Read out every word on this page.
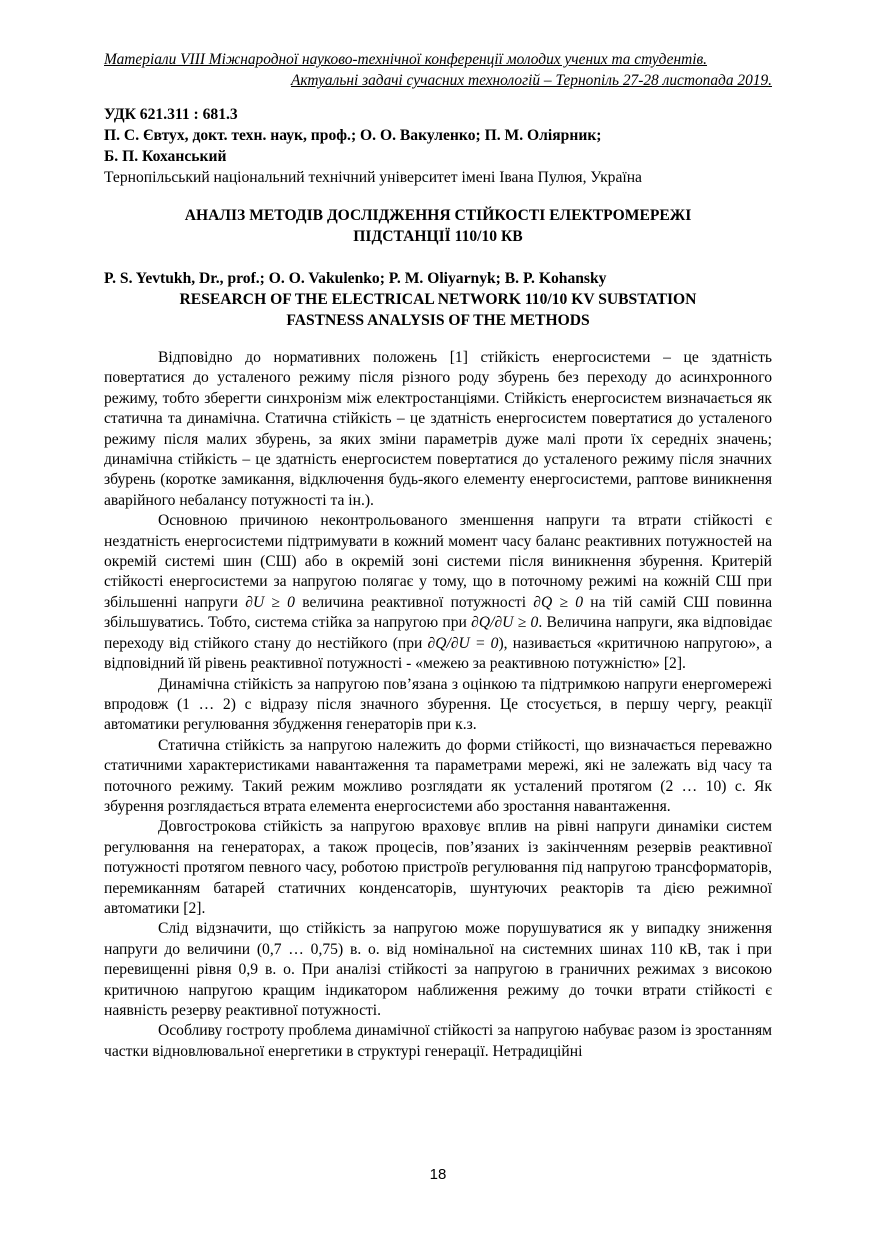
Матеріали VIII Міжнародної науково-технічної конференції молодих учених та студентів.
Актуальні задачі сучасних технологій – Тернопіль 27-28 листопада 2019.
УДК 621.311 : 681.3
П. С. Євтух, докт. техн. наук, проф.; О. О. Вакуленко; П. М. Оліярник;
Б. П. Коханський
Тернопільський національний технічний університет імені Івана Пулюя, Україна
АНАЛІЗ МЕТОДІВ ДОСЛІДЖЕННЯ СТІЙКОСТІ ЕЛЕКТРОМЕРЕЖІ
ПІДСТАНЦІЇ 110/10 КВ
P. S. Yevtukh, Dr., prof.; O. O. Vakulenko; P. M. Oliyarnyk; B. P. Kohansky
RESEARCH OF THE ELECTRICAL NETWORK 110/10 KV SUBSTATION
FASTNESS ANALYSIS OF THE METHODS

Відповідно до нормативних положень [1] стійкість енергосистеми – це здатність повертатися до усталеного режиму після різного роду збурень без переходу до асинхронного режиму, тобто зберегти синхронізм між електростанціями. Стійкість енергосистем визначається як статична та динамічна. Статична стійкість – це здатність енергосистем повертатися до усталеного режиму після малих збурень, за яких зміни параметрів дуже малі проти їх середніх значень; динамічна стійкість – це здатність енергосистем повертатися до усталеного режиму після значних збурень (коротке замикання, відключення будь-якого елементу енергосистеми, раптове виникнення аварійного небалансу потужності та ін.).

Основною причиною неконтрольованого зменшення напруги та втрати стійкості є нездатність енергосистеми підтримувати в кожний момент часу баланс реактивних потужностей на окремій системі шин (СШ) або в окремій зоні системи після виникнення збурення. Критерій стійкості енергосистеми за напругою полягає у тому, що в поточному режимі на кожній СШ при збільшенні напруги ∂U ≥ 0 величина реактивної потужності ∂Q ≥ 0 на тій самій СШ повинна збільшуватись. Тобто, система стійка за напругою при ∂Q/∂U ≥ 0. Величина напруги, яка відповідає переходу від стійкого стану до нестійкого (при ∂Q/∂U = 0), називається «критичною напругою», а відповідний їй рівень реактивної потужності - «межею за реактивною потужністю» [2].

Динамічна стійкість за напругою пов’язана з оцінкою та підтримкою напруги енергомережі впродовж (1 … 2) с відразу після значного збурення. Це стосується, в першу чергу, реакції автоматики регулювання збудження генераторів при к.з.

Статична стійкість за напругою належить до форми стійкості, що визначається переважно статичними характеристиками навантаження та параметрами мережі, які не залежать від часу та поточного режиму. Такий режим можливо розглядати як усталений протягом (2 … 10) с. Як збурення розглядається втрата елемента енергосистеми або зростання навантаження.

Довгострокова стійкість за напругою враховує вплив на рівні напруги динаміки систем регулювання на генераторах, а також процесів, пов’язаних із закінченням резервів реактивної потужності протягом певного часу, роботою пристроїв регулювання під напругою трансформаторів, перемиканням батарей статичних конденсаторів, шунтуючих реакторів та дією режимної автоматики [2].

Слід відзначити, що стійкість за напругою може порушуватися як у випадку зниження напруги до величини (0,7 … 0,75) в. о. від номінальної на системних шинах 110 кВ, так і при перевищенні рівня 0,9 в. о. При аналізі стійкості за напругою в граничних режимах з високою критичною напругою кращим індикатором наближення режиму до точки втрати стійкості є наявність резерву реактивної потужності.

Особливу гостроту проблема динамічної стійкості за напругою набуває разом із зростанням частки відновлювальної енергетики в структурі генерації. Нетрадиційні

18
